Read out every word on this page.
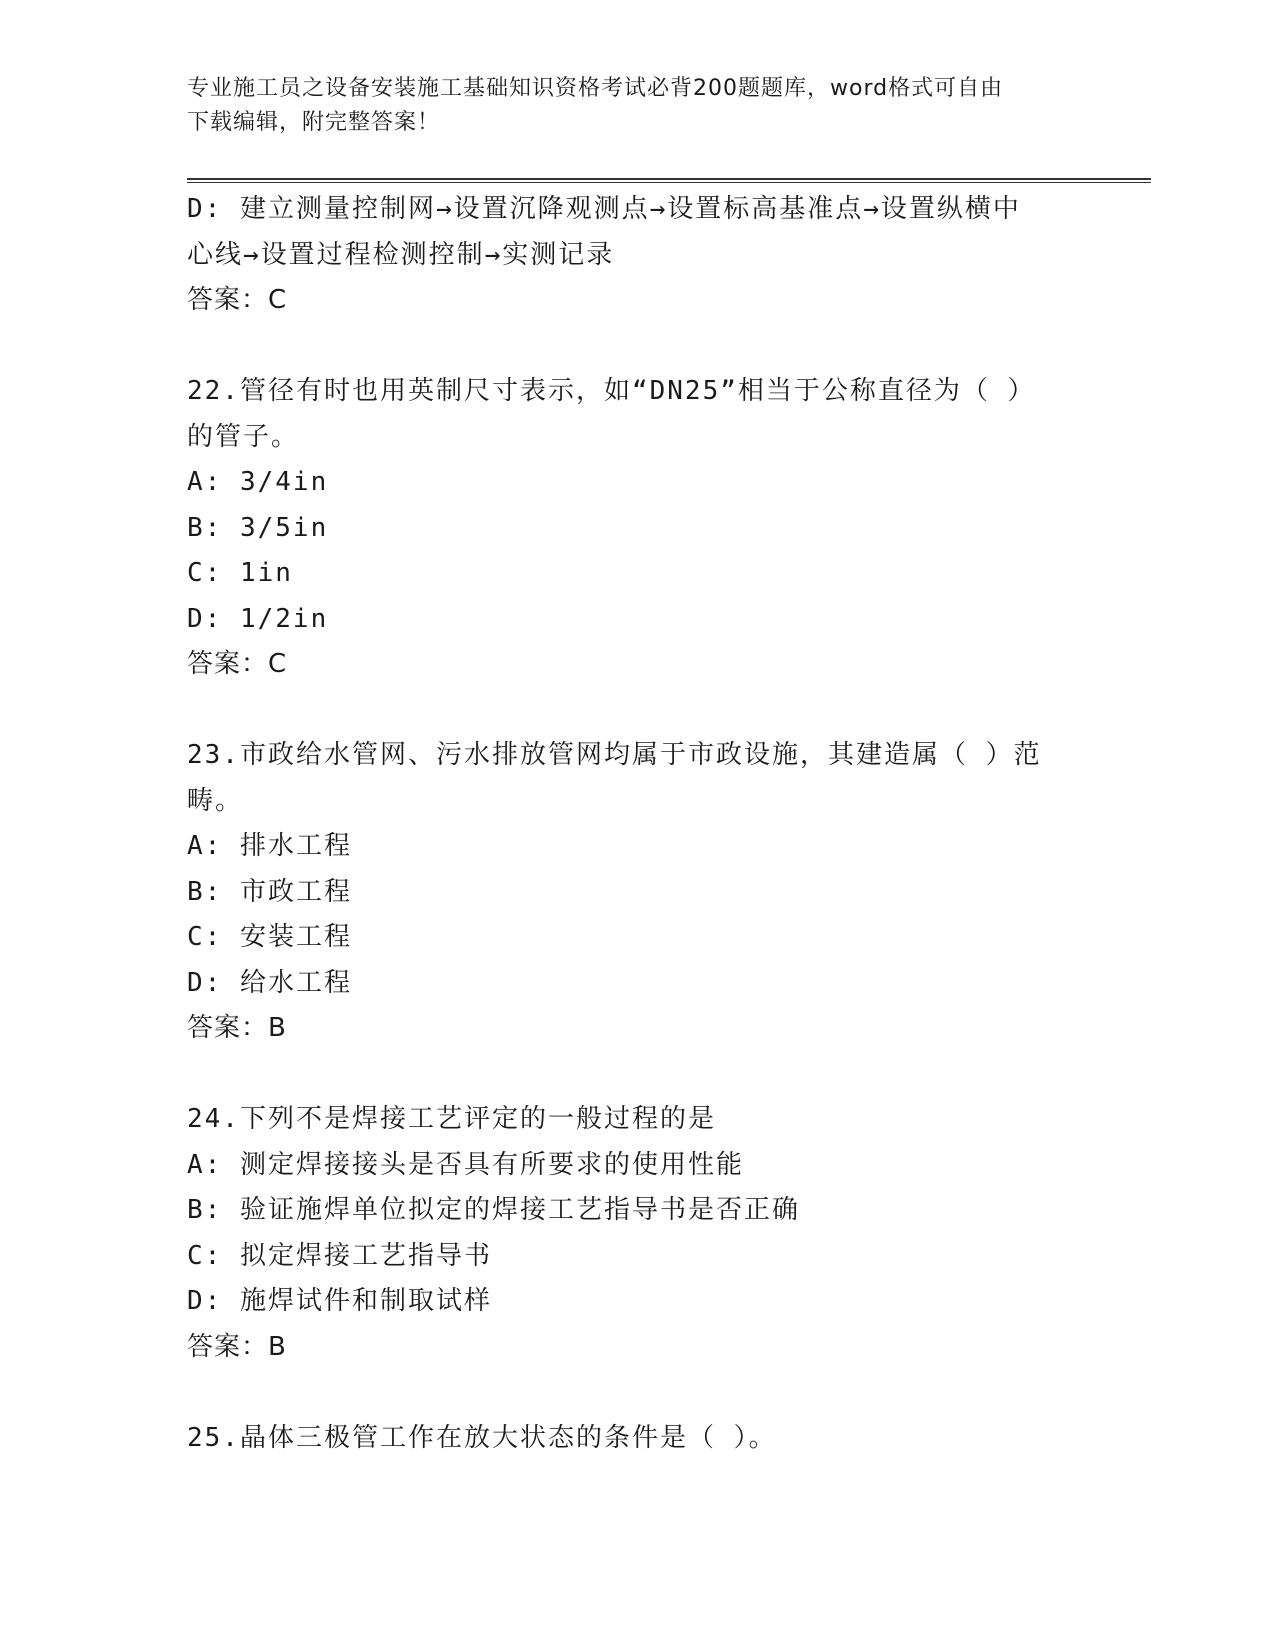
专业施工员之设备安装施工基础知识资格考试必背200题题库，word格式可自由
下载编辑，附完整答案！
D: 建立测量控制网→设置沉降观测点→设置标高基准点→设置纵横中
心线→设置过程检测控制→实测记录
答案：C
22.管径有时也用英制尺寸表示，如“DN25”相当于公称直径为（ ）
的管子。
A: 3/4in
B: 3/5in
C: 1in
D: 1/2in
答案：C
23.市政给水管网、污水排放管网均属于市政设施，其建造属（ ）范
畴。
A: 排水工程
B: 市政工程
C: 安装工程
D: 给水工程
答案：B
24.下列不是焊接工艺评定的一般过程的是
A: 测定焊接接头是否具有所要求的使用性能
B: 验证施焊单位拟定的焊接工艺指导书是否正确
C: 拟定焊接工艺指导书
D: 施焊试件和制取试样
答案：B
25.晶体三极管工作在放大状态的条件是（ ）。
